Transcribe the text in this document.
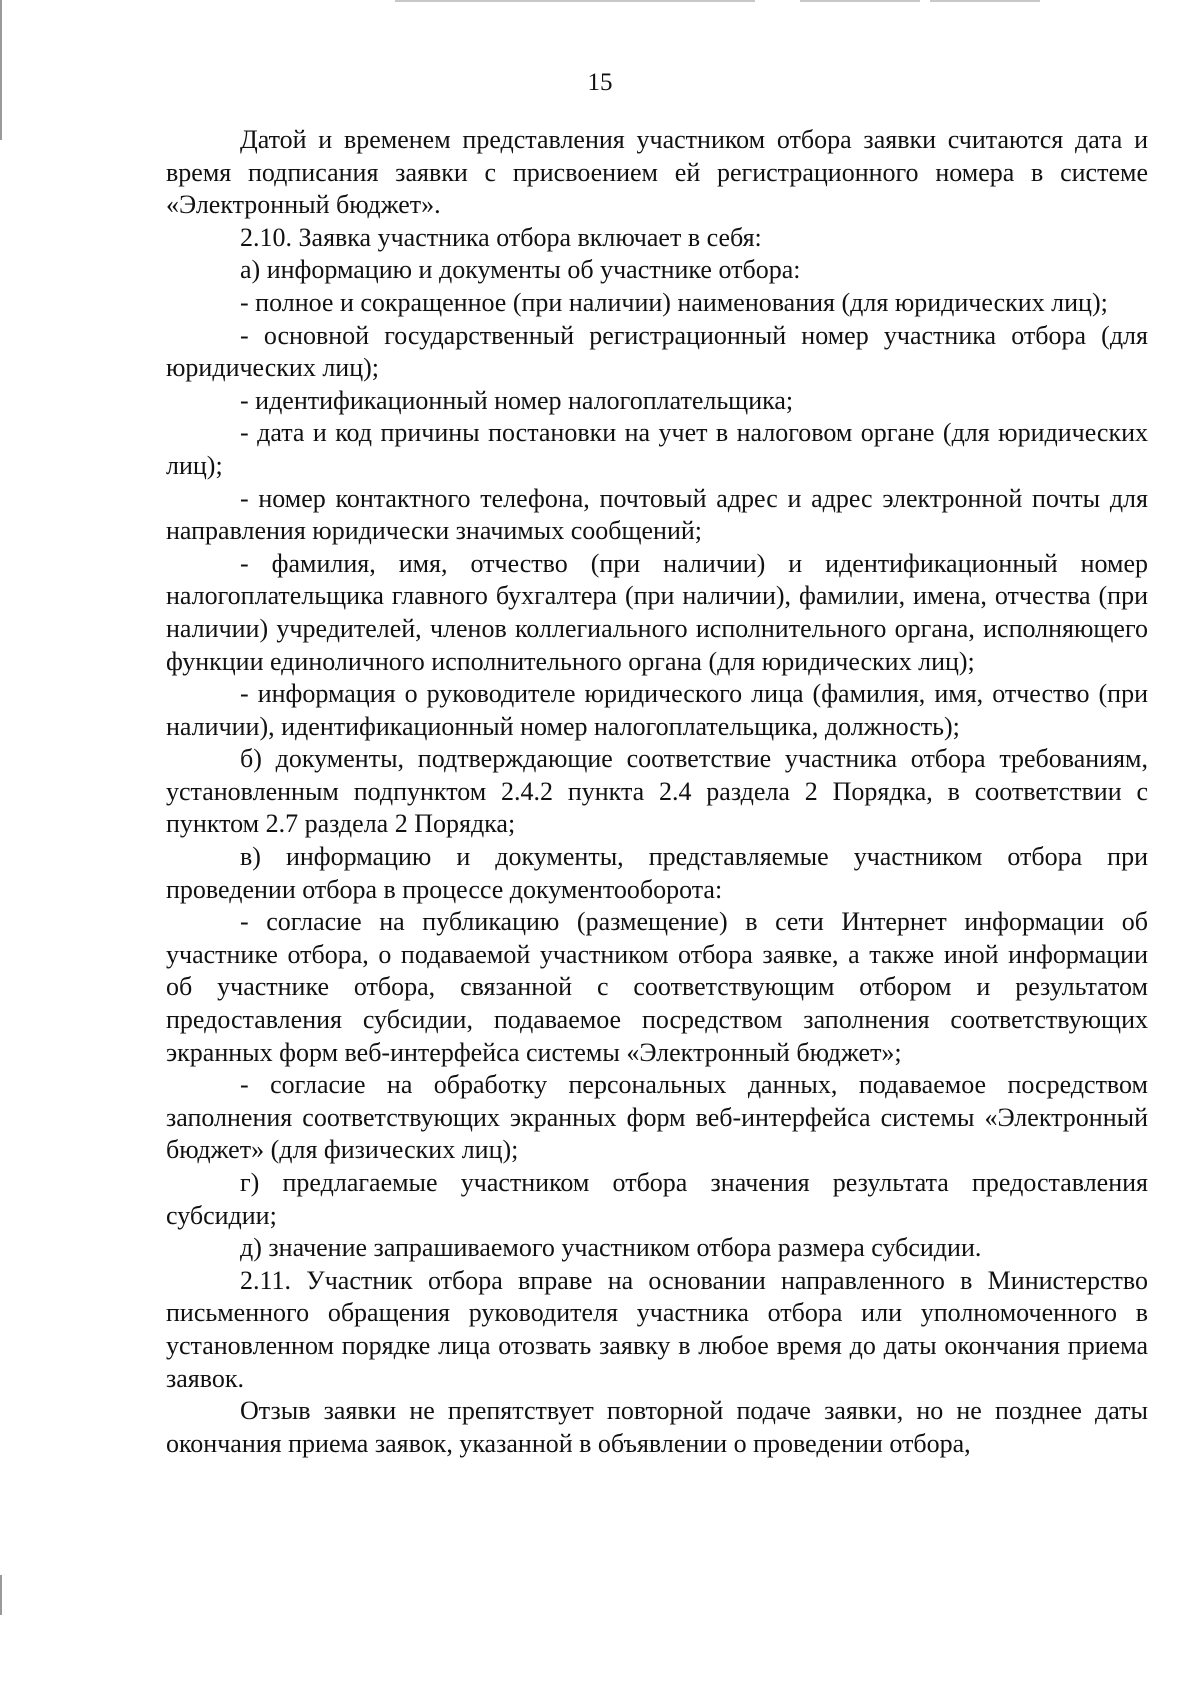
15

Датой и временем представления участником отбора заявки считаются дата и время подписания заявки с присвоением ей регистрационного номера в системе «Электронный бюджет».

2.10. Заявка участника отбора включает в себя:

а) информацию и документы об участнике отбора:

- полное и сокращенное (при наличии) наименования (для юридических лиц);

- основной государственный регистрационный номер участника отбора (для юридических лиц);

- идентификационный номер налогоплательщика;

- дата и код причины постановки на учет в налоговом органе (для юридических лиц);

- номер контактного телефона, почтовый адрес и адрес электронной почты для направления юридически значимых сообщений;

- фамилия, имя, отчество (при наличии) и идентификационный номер налогоплательщика главного бухгалтера (при наличии), фамилии, имена, отчества (при наличии) учредителей, членов коллегиального исполнительного органа, исполняющего функции единоличного исполнительного органа (для юридических лиц);

- информация о руководителе юридического лица (фамилия, имя, отчество (при наличии), идентификационный номер налогоплательщика, должность);

б) документы, подтверждающие соответствие участника отбора требованиям, установленным подпунктом 2.4.2 пункта 2.4 раздела 2 Порядка, в соответствии с пунктом 2.7 раздела 2 Порядка;

в) информацию и документы, представляемые участником отбора при проведении отбора в процессе документооборота:

- согласие на публикацию (размещение) в сети Интернет информации об участнике отбора, о подаваемой участником отбора заявке, а также иной информации об участнике отбора, связанной с соответствующим отбором и результатом предоставления субсидии, подаваемое посредством заполнения соответствующих экранных форм веб-интерфейса системы «Электронный бюджет»;

- согласие на обработку персональных данных, подаваемое посредством заполнения соответствующих экранных форм веб-интерфейса системы «Электронный бюджет» (для физических лиц);

г) предлагаемые участником отбора значения результата предоставления субсидии;

д) значение запрашиваемого участником отбора размера субсидии.

2.11. Участник отбора вправе на основании направленного в Министерство письменного обращения руководителя участника отбора или уполномоченного в установленном порядке лица отозвать заявку в любое время до даты окончания приема заявок.

Отзыв заявки не препятствует повторной подаче заявки, но не позднее даты окончания приема заявок, указанной в объявлении о проведении отбора,
